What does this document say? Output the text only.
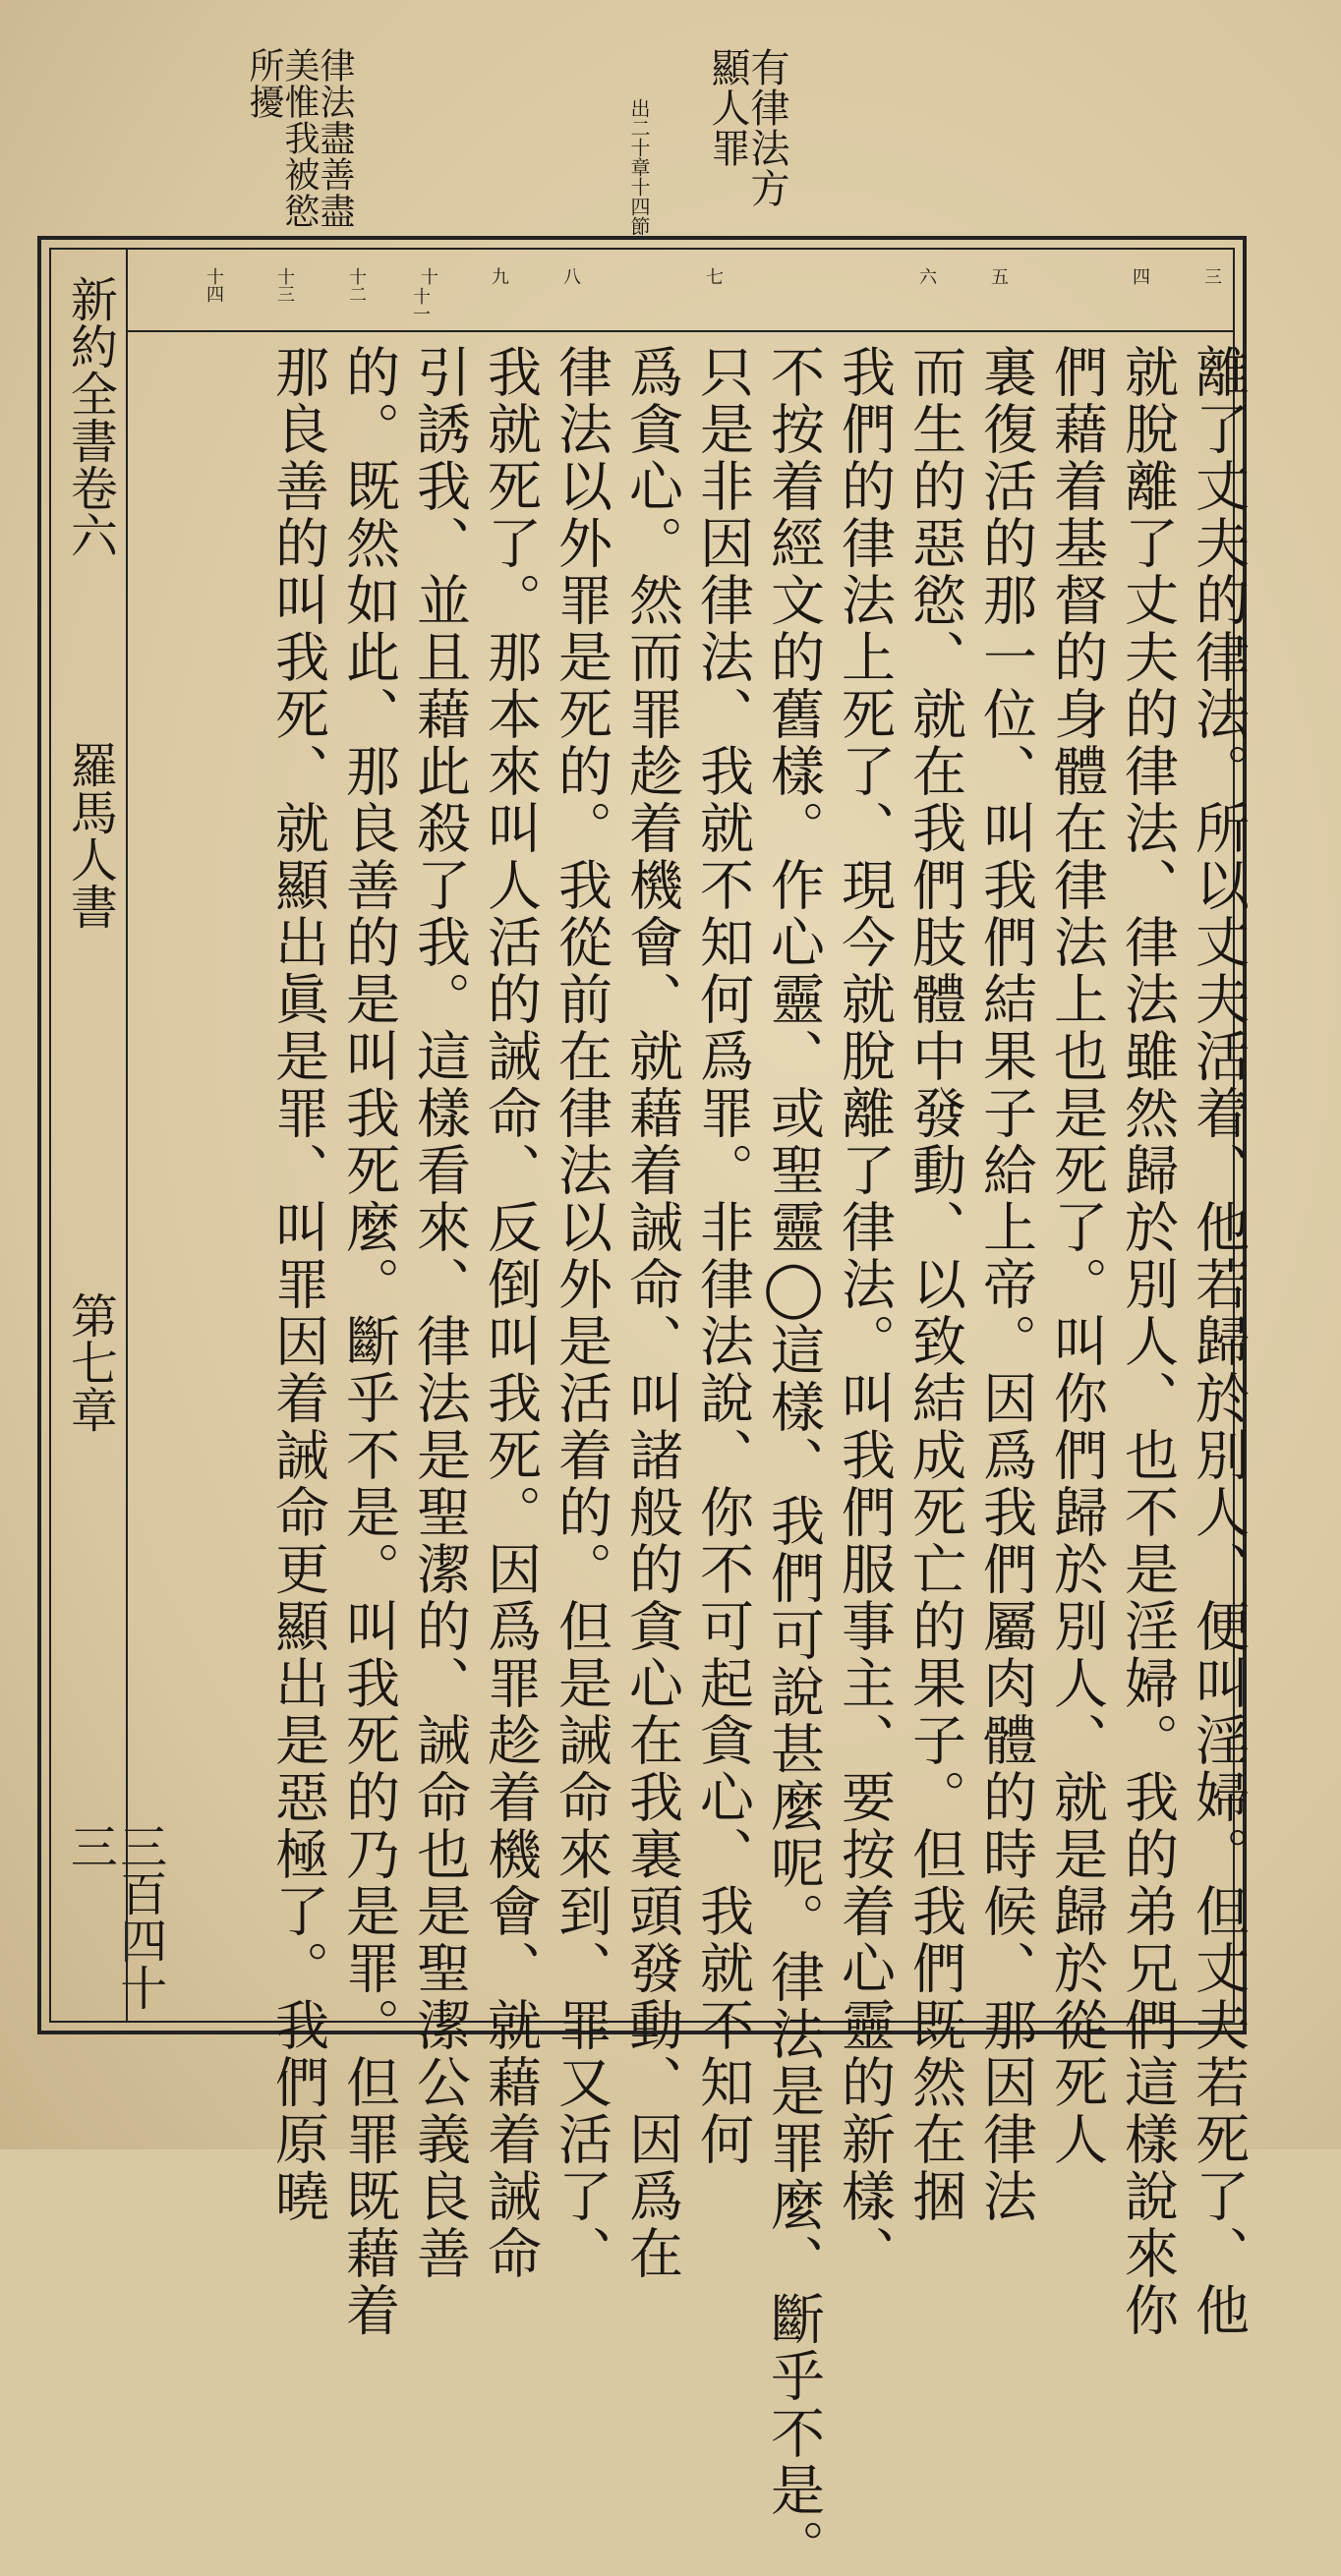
有律法方顯人罪
出二十章十四節
律法盡善盡美惟我被慾所擾
新約全書卷六
羅馬人書
第七章
三百四十三
三
四
五
六
七
八
九
十
十一
十二
十三
十四
離了丈夫的律法。所以丈夫活着、他若歸於別人、便叫淫婦。但丈夫若死了、他
就脫離了丈夫的律法、律法雖然歸於別人、也不是淫婦。我的弟兄們這樣說來你
們藉着基督的身體在律法上也是死了。叫你們歸於別人、就是歸於從死人
裏復活的那一位、叫我們結果子給上帝。因爲我們屬肉體的時候、那因律法
而生的惡慾、就在我們肢體中發動、以致結成死亡的果子。但我們既然在捆
我們的律法上死了、現今就脫離了律法。叫我們服事主、要按着心靈的新樣、
不按着經文的舊樣。作心靈、或聖靈◯這樣、我們可說甚麼呢。律法是罪麼、斷乎不是。
只是非因律法、我就不知何爲罪。非律法說、你不可起貪心、我就不知何
爲貪心。然而罪趁着機會、就藉着誡命、叫諸般的貪心在我裏頭發動、因爲在
律法以外罪是死的。我從前在律法以外是活着的。但是誡命來到、罪又活了、
我就死了。那本來叫人活的誡命、反倒叫我死。因爲罪趁着機會、就藉着誡命
引誘我、並且藉此殺了我。這樣看來、律法是聖潔的、誡命也是聖潔公義良善
的。既然如此、那良善的是叫我死麼。斷乎不是。叫我死的乃是罪。但罪既藉着
那良善的叫我死、就顯出眞是罪、叫罪因着誡命更顯出是惡極了。我們原曉
